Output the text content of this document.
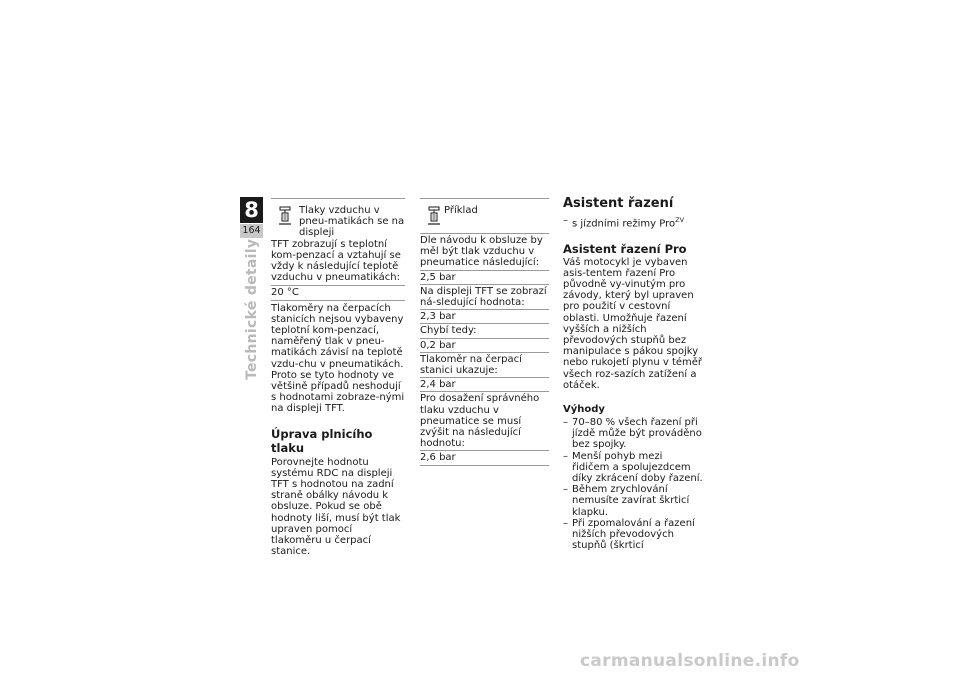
8
164
Technické detaily
Tlaky vzduchu v pneu-matikách se na displeji
TFT zobrazují s teplotní kom-penzací a vztahují se vždy k následující teplotě vzduchu v pneumatikách:
20 °C
Tlakoměry na čerpacích stanicích nejsou vybaveny teplotní kom-penzací, naměřený tlak v pneu-matikách závisí na teplotě vzdu-chu v pneumatikách. Proto se tyto hodnoty ve většině případů neshodují s hodnotami zobraze-nými na displeji TFT.
Úprava plnicího tlaku
Porovnejte hodnotu systému RDC na displeji TFT s hodnotou na zadní straně obálky návodu k obsluze. Pokud se obě hodnoty liší, musí být tlak upraven pomocí tlakoměru u čerpací stanice.
Příklad
Dle návodu k obsluze by měl být tlak vzduchu v pneumatice následující:
2,5 bar
Na displeji TFT se zobrazí ná-sledující hodnota:
2,3 bar
Chybí tedy:
0,2 bar
Tlakoměr na čerpací stanici ukazuje:
2,4 bar
Pro dosažení správného tlaku vzduchu v pneumatice se musí zvýšit na následující hodnotu:
2,6 bar
Asistent řazení
– s jízdními režimy Pro$^{ZV}$
Asistent řazení Pro
Váš motocykl je vybaven asis-tentem řazení Pro původně vy-vinutým pro závody, který byl upraven pro použití v cestovní oblasti. Umožňuje řazení vyšších a nižších převodových stupňů bez manipulace s pákou spojky nebo rukojetí plynu v téměř všech roz-sazích zatížení a otáček.
Výhody
– 70–80 % všech řazení při jízdě může být prováděno bez spojky.
– Menší pohyb mezi řidičem a spolujezdcem díky zkrácení doby řazení.
– Během zrychlování nemusíte zavírat škrticí klapku.
– Při zpomalování a řazení nižších převodových stupňů (škrticí
carmanualsonline.info
